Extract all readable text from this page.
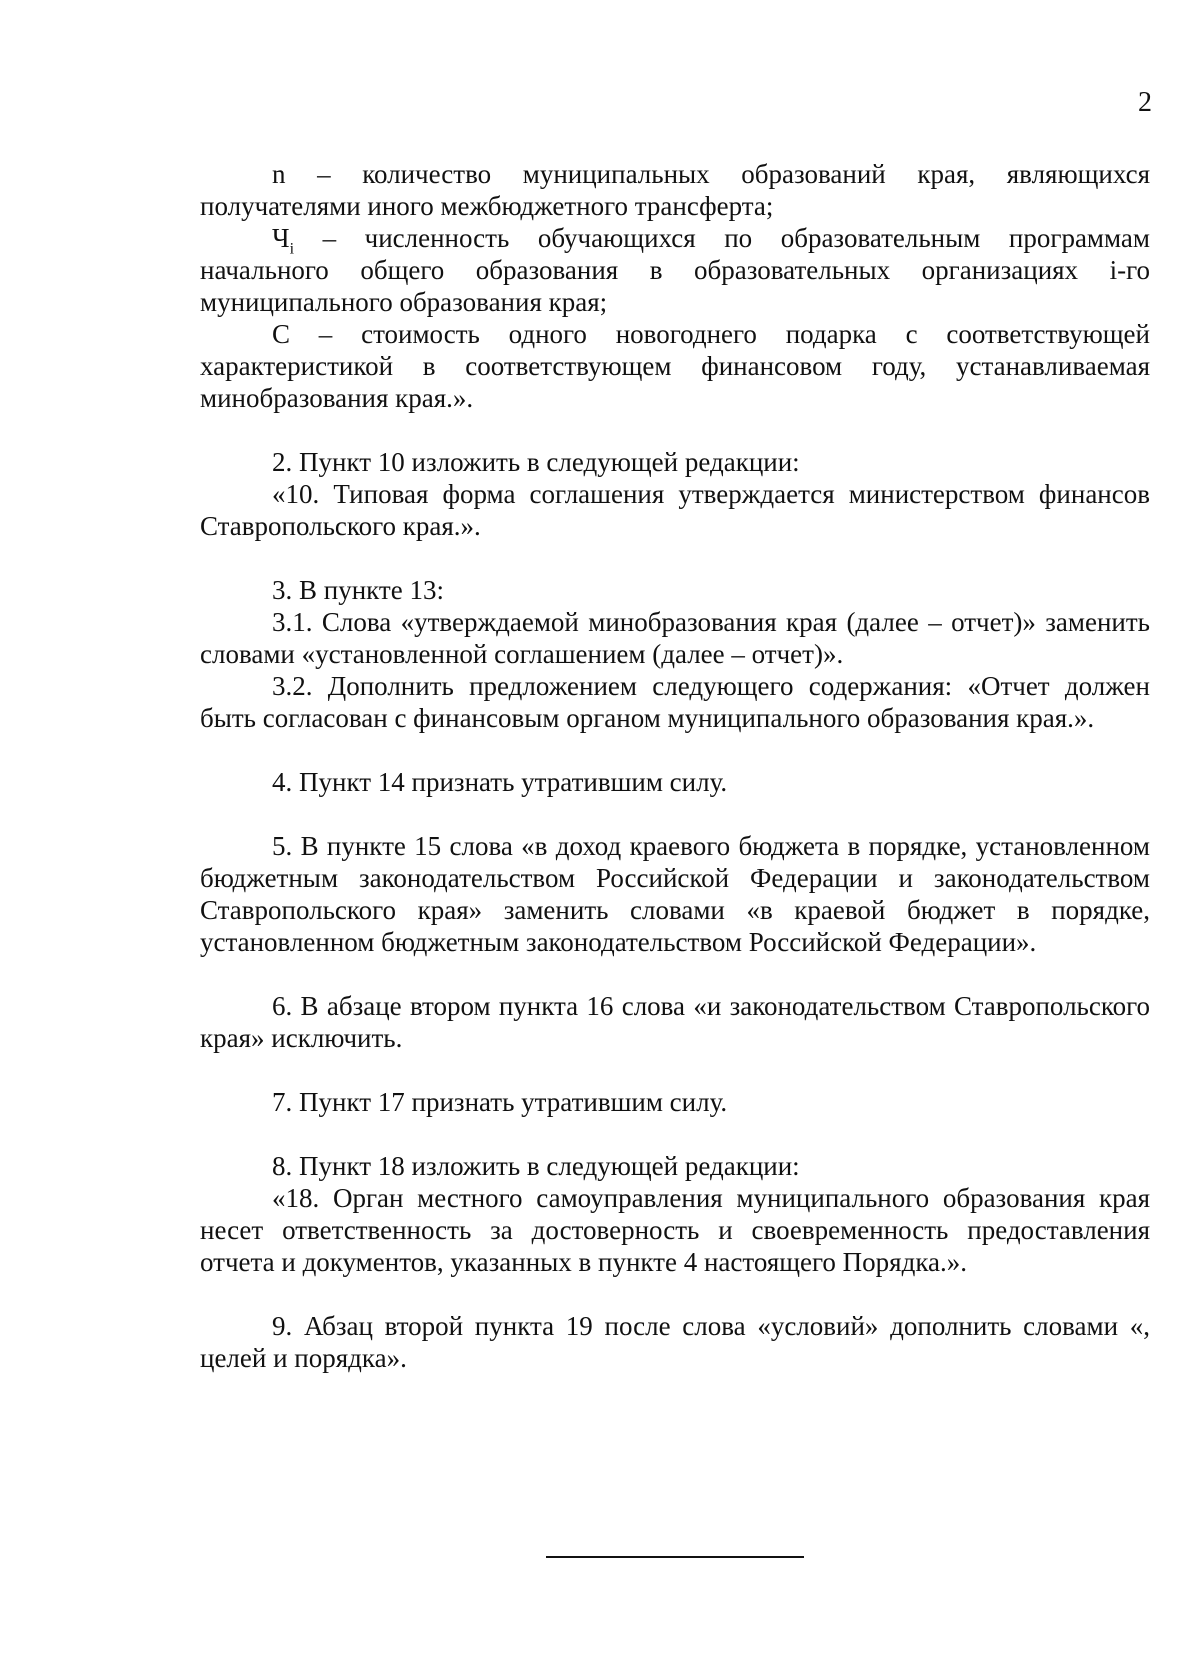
2

n – количество муниципальных образований края, являющихся получателями иного межбюджетного трансферта;

$Ч_i$ – численность обучающихся по образовательным программам начального общего образования в образовательных организациях i-го муниципального образования края;

С – стоимость одного новогоднего подарка с соответствующей характеристикой в соответствующем финансовом году, устанавливаемая минобразования края.».

2. Пункт 10 изложить в следующей редакции:

«10. Типовая форма соглашения утверждается министерством финансов Ставропольского края.».

3. В пункте 13:

3.1. Слова «утверждаемой минобразования края (далее – отчет)» заменить словами «установленной соглашением (далее – отчет)».

3.2. Дополнить предложением следующего содержания: «Отчет должен быть согласован с финансовым органом муниципального образования края.».

4. Пункт 14 признать утратившим силу.

5. В пункте 15 слова «в доход краевого бюджета в порядке, установленном бюджетным законодательством Российской Федерации и законодательством Ставропольского края» заменить словами «в краевой бюджет в порядке, установленном бюджетным законодательством Российской Федерации».

6. В абзаце втором пункта 16 слова «и законодательством Ставропольского края» исключить.

7. Пункт 17 признать утратившим силу.

8. Пункт 18 изложить в следующей редакции:

«18. Орган местного самоуправления муниципального образования края несет ответственность за достоверность и своевременность предоставления отчета и документов, указанных в пункте 4 настоящего Порядка.».

9. Абзац второй пункта 19 после слова «условий» дополнить словами «, целей и порядка».
